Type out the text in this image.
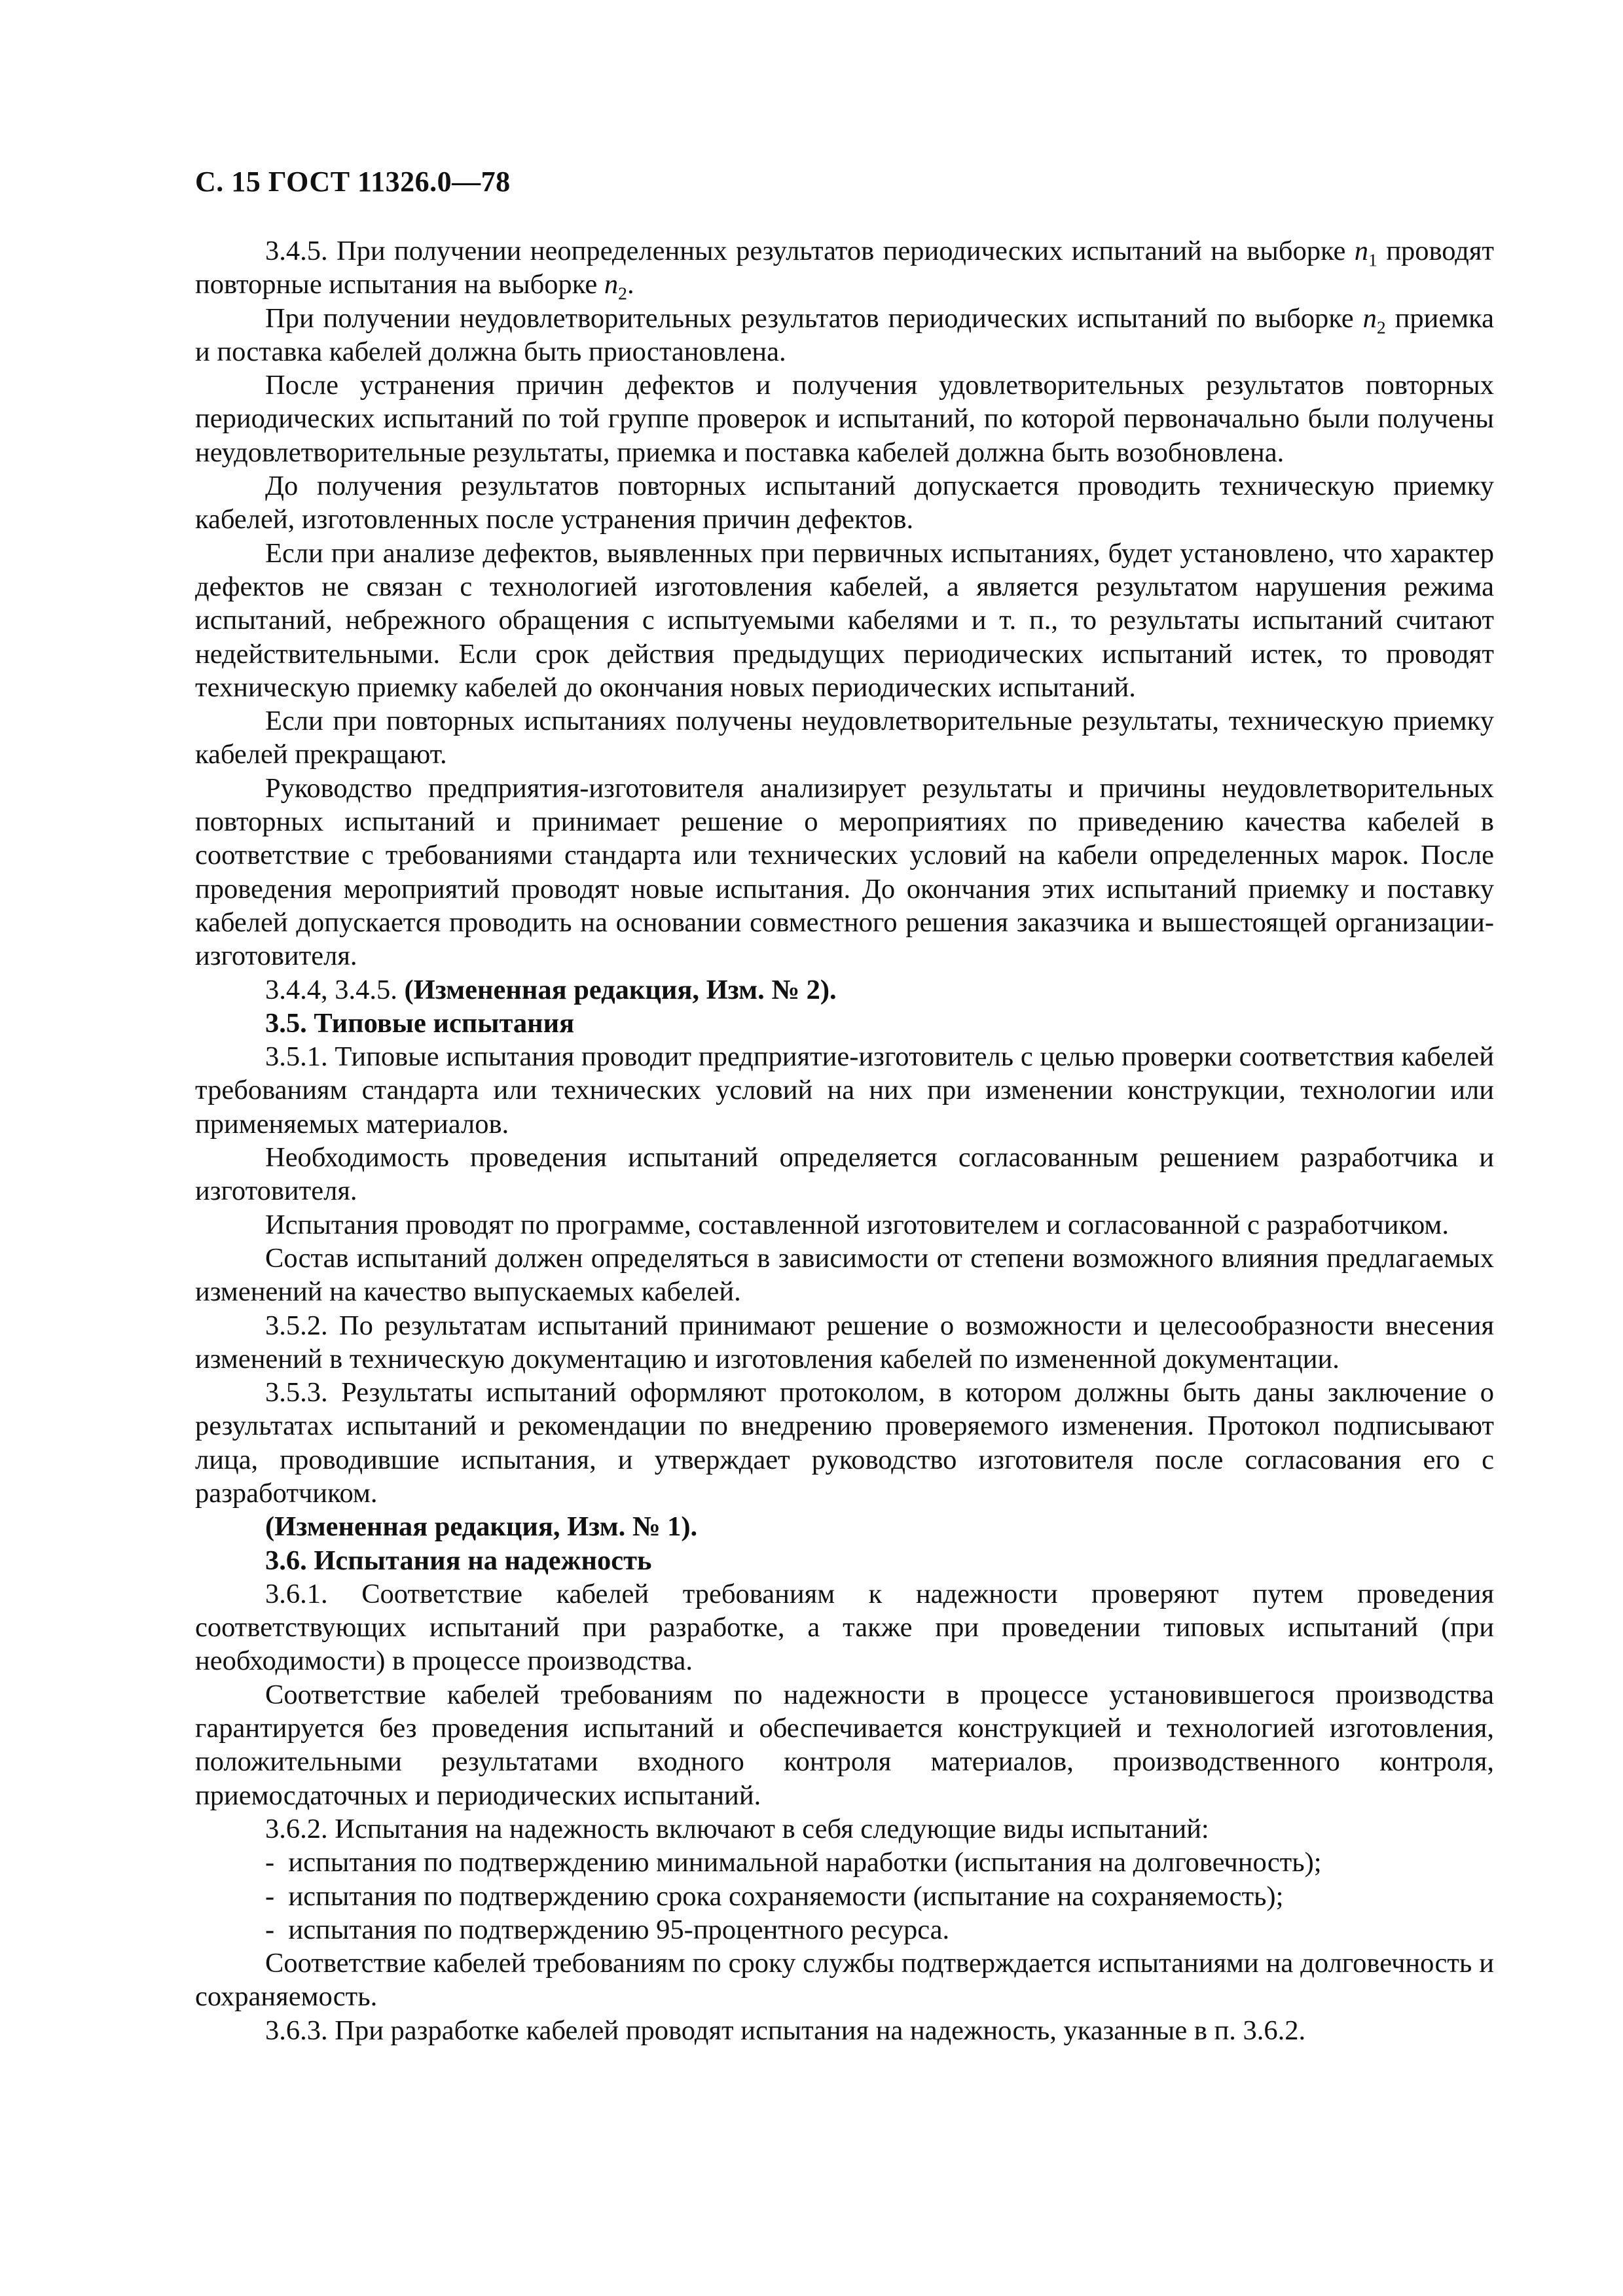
С. 15 ГОСТ 11326.0—78

3.4.5. При получении неопределенных результатов периодических испытаний на выборке $n_1$ проводят повторные испытания на выборке $n_2$.

При получении неудовлетворительных результатов периодических испытаний по выборке $n_2$ приемка и поставка кабелей должна быть приостановлена.

После устранения причин дефектов и получения удовлетворительных результатов повторных периодических испытаний по той группе проверок и испытаний, по которой первоначально были получены неудовлетворительные результаты, приемка и поставка кабелей должна быть возобновлена.

До получения результатов повторных испытаний допускается проводить техническую приемку кабелей, изготовленных после устранения причин дефектов.

Если при анализе дефектов, выявленных при первичных испытаниях, будет установлено, что характер дефектов не связан с технологией изготовления кабелей, а является результатом нарушения режима испытаний, небрежного обращения с испытуемыми кабелями и т. п., то результаты испытаний считают недействительными. Если срок действия предыдущих периодических испытаний истек, то проводят техническую приемку кабелей до окончания новых периодических испытаний.

Если при повторных испытаниях получены неудовлетворительные результаты, техническую приемку кабелей прекращают.

Руководство предприятия-изготовителя анализирует результаты и причины неудовлетворительных повторных испытаний и принимает решение о мероприятиях по приведению качества кабелей в соответствие с требованиями стандарта или технических условий на кабели определенных марок. После проведения мероприятий проводят новые испытания. До окончания этих испытаний приемку и поставку кабелей допускается проводить на основании совместного решения заказчика и вышестоящей организации-изготовителя.

3.4.4, 3.4.5. (Измененная редакция, Изм. № 2).

3.5. Типовые испытания

3.5.1. Типовые испытания проводит предприятие-изготовитель с целью проверки соответствия кабелей требованиям стандарта или технических условий на них при изменении конструкции, технологии или применяемых материалов.

Необходимость проведения испытаний определяется согласованным решением разработчика и изготовителя.

Испытания проводят по программе, составленной изготовителем и согласованной с разработчиком.

Состав испытаний должен определяться в зависимости от степени возможного влияния предлагаемых изменений на качество выпускаемых кабелей.

3.5.2. По результатам испытаний принимают решение о возможности и целесообразности внесения изменений в техническую документацию и изготовления кабелей по измененной документации.

3.5.3. Результаты испытаний оформляют протоколом, в котором должны быть даны заключение о результатах испытаний и рекомендации по внедрению проверяемого изменения. Протокол подписывают лица, проводившие испытания, и утверждает руководство изготовителя после согласования его с разработчиком.

(Измененная редакция, Изм. № 1).

3.6. Испытания на надежность

3.6.1. Соответствие кабелей требованиям к надежности проверяют путем проведения соответствующих испытаний при разработке, а также при проведении типовых испытаний (при необходимости) в процессе производства.

Соответствие кабелей требованиям по надежности в процессе установившегося производства гарантируется без проведения испытаний и обеспечивается конструкцией и технологией изготовления, положительными результатами входного контроля материалов, производственного контроля, приемосдаточных и периодических испытаний.

3.6.2. Испытания на надежность включают в себя следующие виды испытаний:

- испытания по подтверждению минимальной наработки (испытания на долговечность);

- испытания по подтверждению срока сохраняемости (испытание на сохраняемость);

- испытания по подтверждению 95-процентного ресурса.

Соответствие кабелей требованиям по сроку службы подтверждается испытаниями на долговечность и сохраняемость.

3.6.3. При разработке кабелей проводят испытания на надежность, указанные в п. 3.6.2.
